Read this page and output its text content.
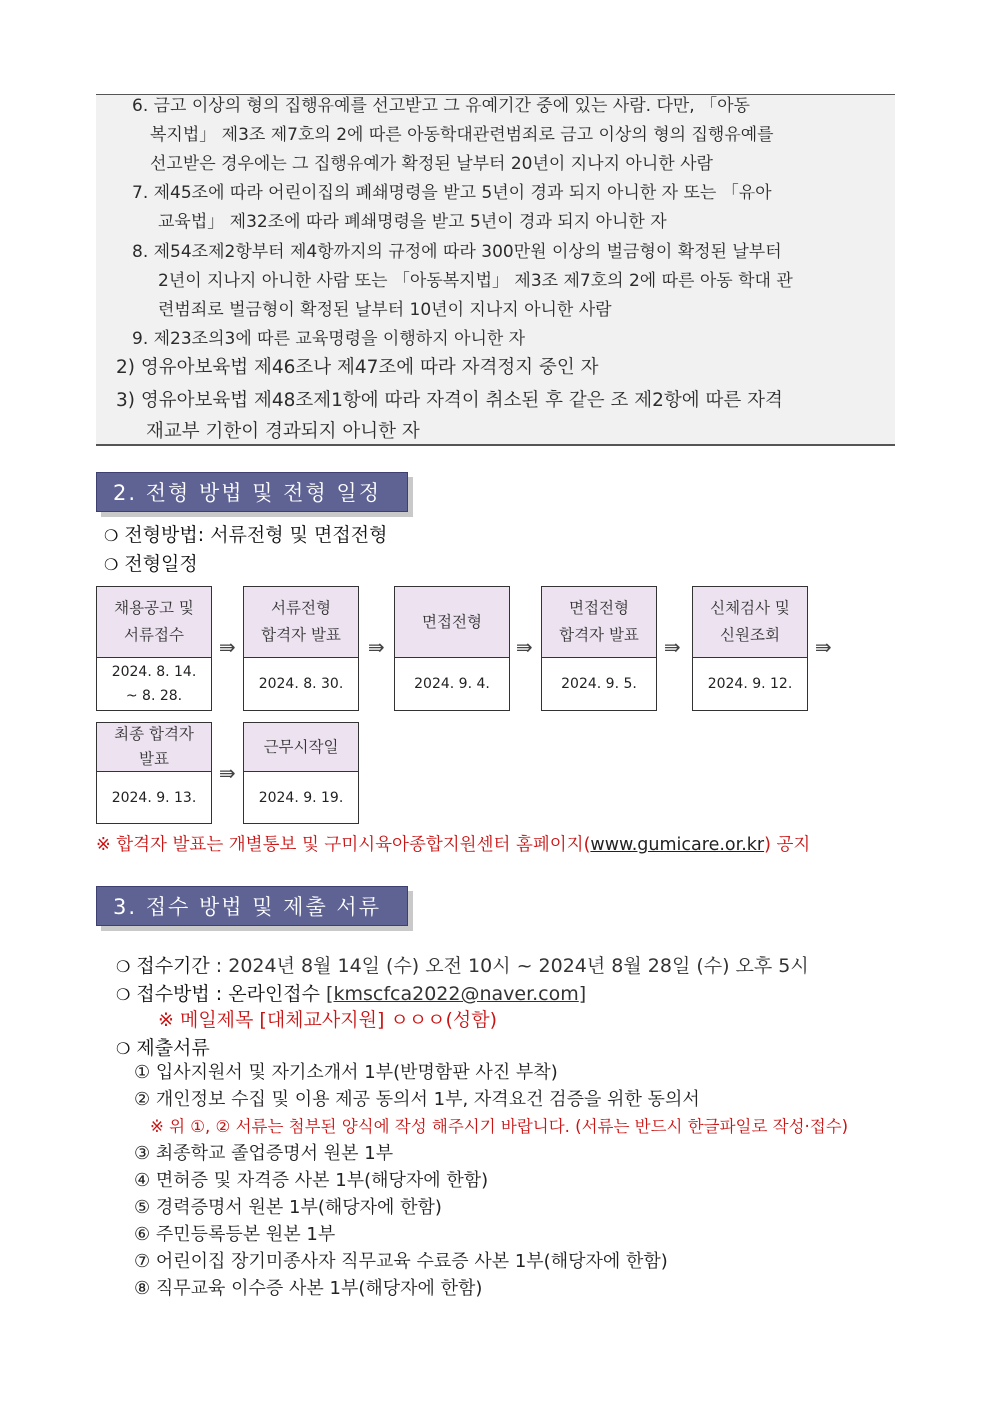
6. 금고 이상의 형의 집행유예를 선고받고 그 유예기간 중에 있는 사람. 다만, 「아동
복지법」 제3조 제7호의 2에 따른 아동학대관련범죄로 금고 이상의 형의 집행유예를
선고받은 경우에는 그 집행유예가 확정된 날부터 20년이 지나지 아니한 사람
7. 제45조에 따라 어린이집의 폐쇄명령을 받고 5년이 경과 되지 아니한 자 또는 「유아
교육법」 제32조에 따라 폐쇄명령을 받고 5년이 경과 되지 아니한 자
8. 제54조제2항부터 제4항까지의 규정에 따라 300만원 이상의 벌금형이 확정된 날부터
2년이 지나지 아니한 사람 또는 「아동복지법」 제3조 제7호의 2에 따른 아동 학대 관
련범죄로 벌금형이 확정된 날부터 10년이 지나지 아니한 사람
9. 제23조의3에 따른 교육명령을 이행하지 아니한 자
2) 영유아보육법 제46조나 제47조에 따라 자격정지 중인 자
3) 영유아보육법 제48조제1항에 따라 자격이 취소된 후 같은 조 제2항에 따른 자격
재교부 기한이 경과되지 아니한 자
2. 전형 방법 및 전형 일정
❍ 전형방법: 서류전형 및 면접전형
❍ 전형일정
채용공고 및
서류접수
2024. 8. 14.
~ 8. 28.
⇛
서류전형
합격자 발표
2024. 8. 30.
⇛
면접전형
2024. 9. 4.
⇛
면접전형
합격자 발표
2024. 9. 5.
⇛
신체검사 및
신원조회
2024. 9. 12.
⇛
최종 합격자
발표
2024. 9. 13.
⇛
근무시작일
2024. 9. 19.
※ 합격자 발표는 개별통보 및 구미시육아종합지원센터 홈페이지(www.gumicare.or.kr) 공지
3. 접수 방법 및 제출 서류
❍ 접수기간 : 2024년 8월 14일 (수) 오전 10시 ~ 2024년 8월 28일 (수) 오후 5시
❍ 접수방법 : 온라인접수 [kmscfca2022@naver.com]
※ 메일제목 [대체교사지원] ㅇㅇㅇ(성함)
❍ 제출서류
① 입사지원서 및 자기소개서 1부(반명함판 사진 부착)
② 개인정보 수집 및 이용 제공 동의서 1부, 자격요건 검증을 위한 동의서
※ 위 ①, ② 서류는 첨부된 양식에 작성 해주시기 바랍니다. (서류는 반드시 한글파일로 작성·접수)
③ 최종학교 졸업증명서 원본 1부
④ 면허증 및 자격증 사본 1부(해당자에 한함)
⑤ 경력증명서 원본 1부(해당자에 한함)
⑥ 주민등록등본 원본 1부
⑦ 어린이집 장기미종사자 직무교육 수료증 사본 1부(해당자에 한함)
⑧ 직무교육 이수증 사본 1부(해당자에 한함)
